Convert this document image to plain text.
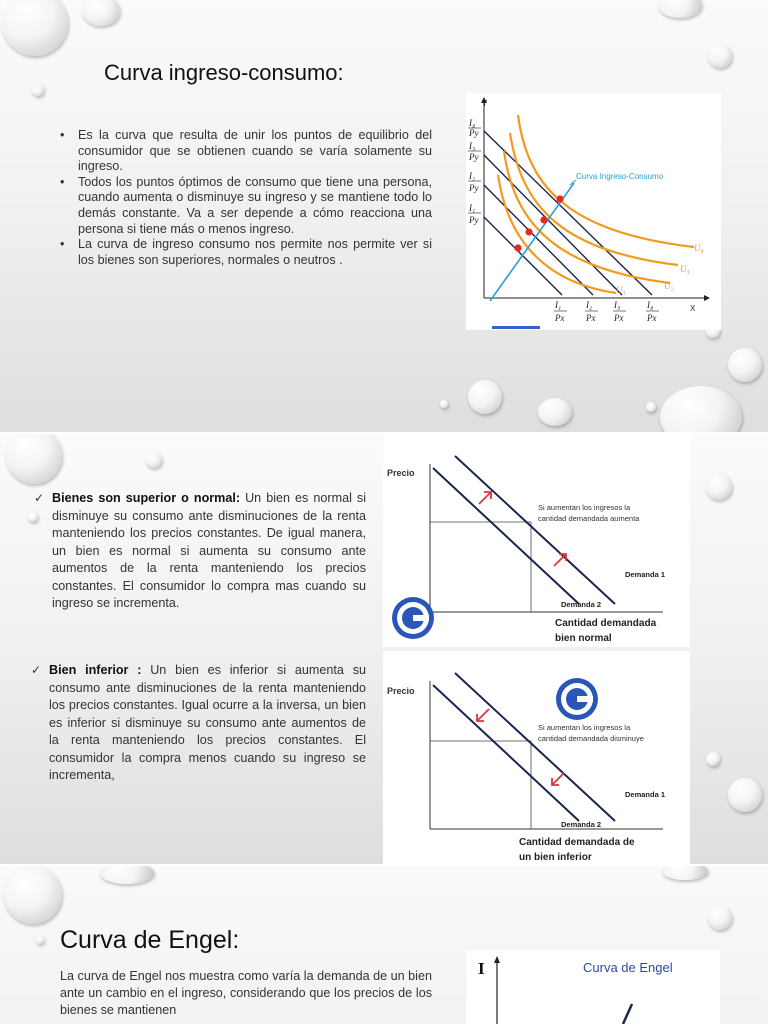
Curva ingreso-consumo:
• Es la curva que resulta de unir los puntos de equilibrio del consumidor que se obtienen cuando se varía solamente su ingreso.
• Todos los puntos óptimos de consumo que tiene una persona, cuando aumenta o disminuye su ingreso y se mantiene todo lo demás constante. Va a ser depende a cómo reacciona una persona si tiene más o menos ingreso.
• La curva de ingreso consumo nos permite nos permite ver si los bienes son superiores, normales o neutros .
Y
X
I₄
Py
I₃
Py
I₂
Py
I₁
Py
I₁
Px
I₂
Px
I₃
Px
I₄
Px
U₄
U₃
U₂
U₁
Curva Ingreso-Consumo
✓ Bienes son superior o normal: Un bien es normal si disminuye su consumo ante disminuciones de la renta manteniendo los precios constantes. De igual manera, un bien es normal si aumenta su consumo ante aumentos de la renta manteniendo los precios constantes. El consumidor lo compra mas cuando su ingreso se incrementa.
✓ Bien inferior : Un bien es inferior si aumenta su consumo ante disminuciones de la renta manteniendo los precios constantes. Igual ocurre a la inversa, un bien es inferior si disminuye su consumo ante aumentos de la renta manteniendo los precios constantes. El consumidor la compra menos cuando su ingreso se incrementa,
Precio
Si aumentan los ingresos la
cantidad demandada aumenta
Demanda 1
Demanda 2
Cantidad demandada
bien normal
Precio
Si aumentan los ingresos la
cantidad demandada disminuye
Demanda 1
Demanda 2
Cantidad demandada de
un bien inferior
Curva de Engel:
La curva de Engel nos muestra como varía la demanda de un bien ante un cambio en el ingreso, considerando que los precios de los bienes se mantienen
I	Curva de Engel
